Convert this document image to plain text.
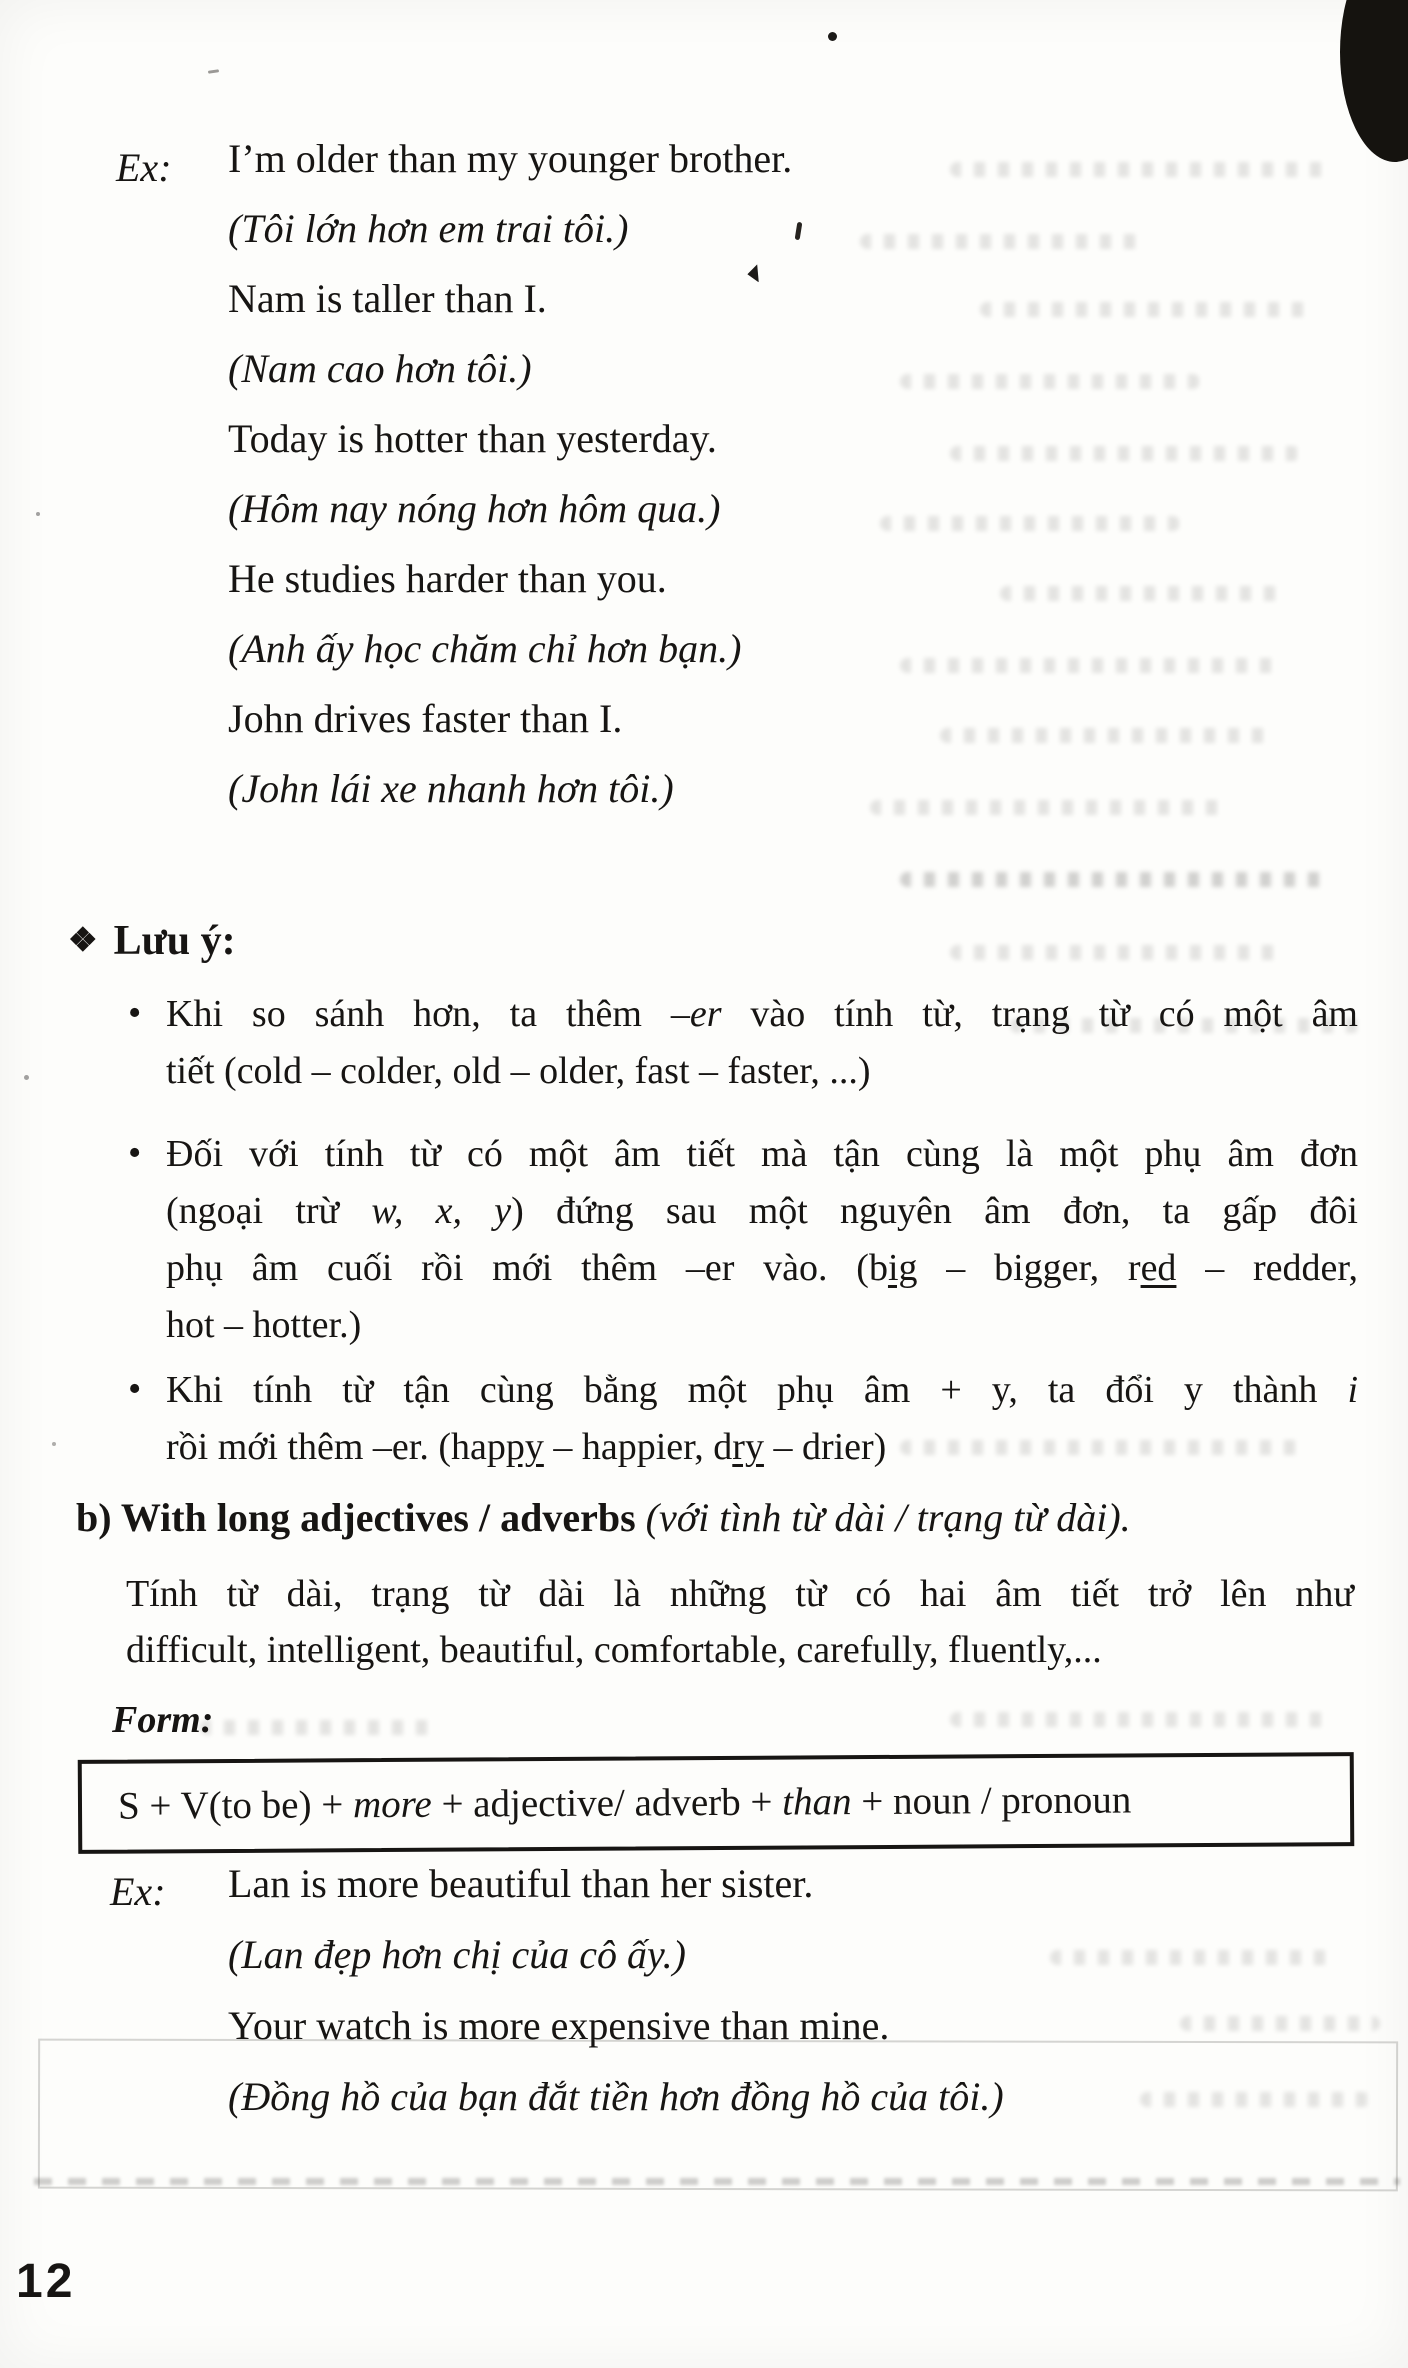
Ex: I’m older than my younger brother.
(Tôi lớn hơn em trai tôi.)
Nam is taller than I.
(Nam cao hơn tôi.)
Today is hotter than yesterday.
(Hôm nay nóng hơn hôm qua.)
He studies harder than you.
(Anh ấy học chăm chỉ hơn bạn.)
John drives faster than I.
(John lái xe nhanh hơn tôi.)
❖ Lưu ý:
• Khi so sánh hơn, ta thêm –er vào tính từ, trạng từ có một âm
tiết (cold – colder, old – older, fast – faster, ...)
• Đối với tính từ có một âm tiết mà tận cùng là một phụ âm đơn
(ngoại trừ w, x, y) đứng sau một nguyên âm đơn, ta gấp đôi
phụ âm cuối rồi mới thêm –er vào. (big – bigger, red – redder,
hot – hotter.)
• Khi tính từ tận cùng bằng một phụ âm + y, ta đổi y thành i
rồi mới thêm –er. (happy – happier, dry – drier)
b) With long adjectives / adverbs (với tình từ dài / trạng từ dài).
Tính từ dài, trạng từ dài là những từ có hai âm tiết trở lên như
difficult, intelligent, beautiful, comfortable, carefully, fluently,...
Form:
S + V(to be) + more + adjective/ adverb + than + noun / pronoun
Ex: Lan is more beautiful than her sister.
(Lan đẹp hơn chị của cô ấy.)
Your watch is more expensive than mine.
(Đồng hồ của bạn đắt tiền hơn đồng hồ của tôi.)
12
